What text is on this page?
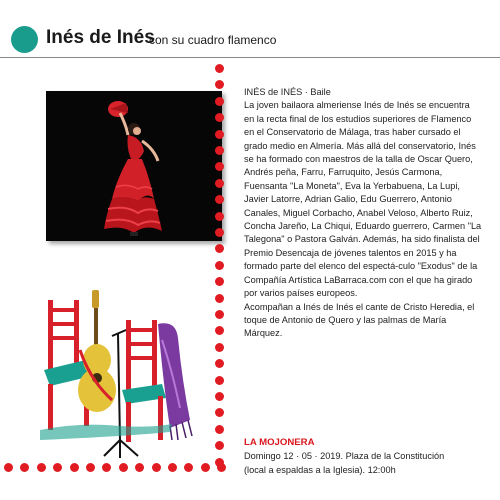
Inés de Inés
con su cuadro flamenco
INÉS de INÉS · Baile

La joven bailaora almeriense Inés de Inés se encuentra en la recta final de los estudios superiores de Flamenco en el Conservatorio de Málaga, tras haber cursado el grado medio en Almería. Más allá del conservatorio, Inés se ha formado con maestros de la talla de Oscar Quero, Andrés peña, Farru, Farruquito, Jesús Carmona, Fuensanta "La Moneta", Eva la Yerbabuena, La Lupi, Javier Latorre, Adrian Galio, Edu Guerrero, Antonio Canales, Miguel Corbacho, Anabel Veloso, Alberto Ruiz, Concha Jareño, La Chiqui, Eduardo guerrero, Carmen "La Talegona" o Pastora Galván. Además, ha sido finalista del Premio Desencaja de jóvenes talentos en 2015 y ha formado parte del elenco del espectá-culo "Exodus" de la Compañía Artística LaBarraca.com con el que ha girado por varios países europeos.

Acompañan a Inés de Inés el cante de Cristo Heredia, el toque de Antonio de Quero y las palmas de María Márquez.

LA MOJONERA
Domingo 12 · 05 · 2019. Plaza de la Constitución
(local a espaldas a la Iglesia). 12:00h
